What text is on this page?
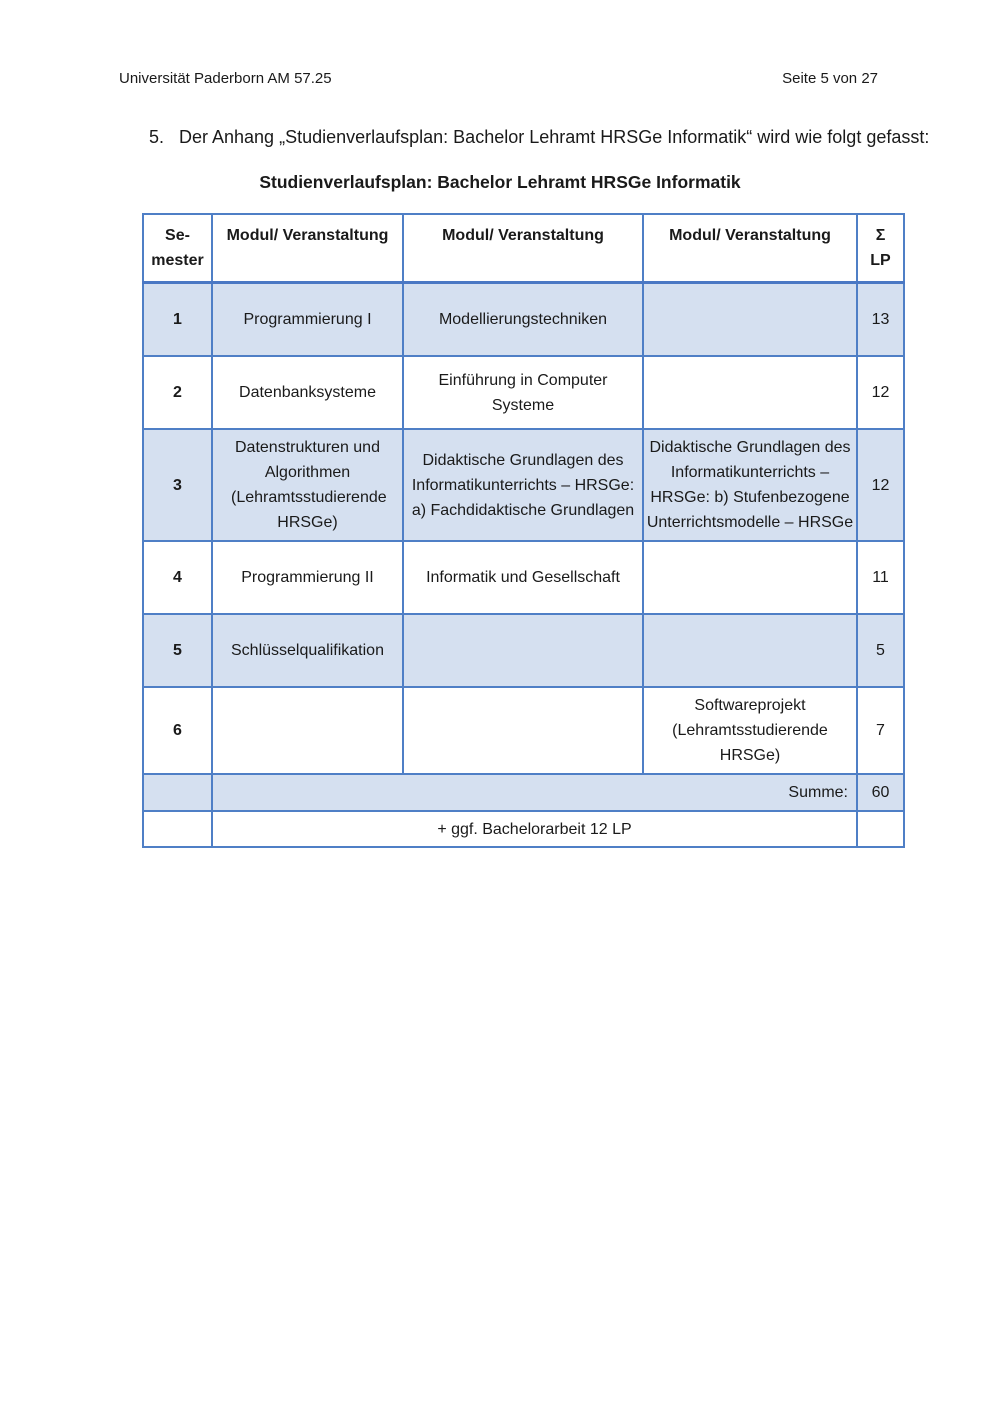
Universität Paderborn AM 57.25	Seite 5 von 27
5. Der Anhang „Studienverlaufsplan: Bachelor Lehramt HRSGe Informatik“ wird wie folgt gefasst:
Studienverlaufsplan: Bachelor Lehramt HRSGe Informatik
Se-
mester	Modul/ Veranstaltung	Modul/ Veranstaltung	Modul/ Veranstaltung	Σ
LP
1	Programmierung I	Modellierungstechniken		13
2	Datenbanksysteme	Einführung in Computer Systeme		12
3	Datenstrukturen und Algorithmen (Lehramtsstudierende HRSGe)	Didaktische Grundlagen des Informatikunterrichts – HRSGe: a) Fachdidaktische Grundlagen	Didaktische Grundlagen des Informatikunterrichts – HRSGe: b) Stufenbezogene Unterrichtsmodelle – HRSGe	12
4	Programmierung II	Informatik und Gesellschaft		11
5	Schlüsselqualifikation			5
6			Softwareprojekt (Lehramtsstudierende HRSGe)	7
	Summe:			60
	+ ggf. Bachelorarbeit 12 LP			
